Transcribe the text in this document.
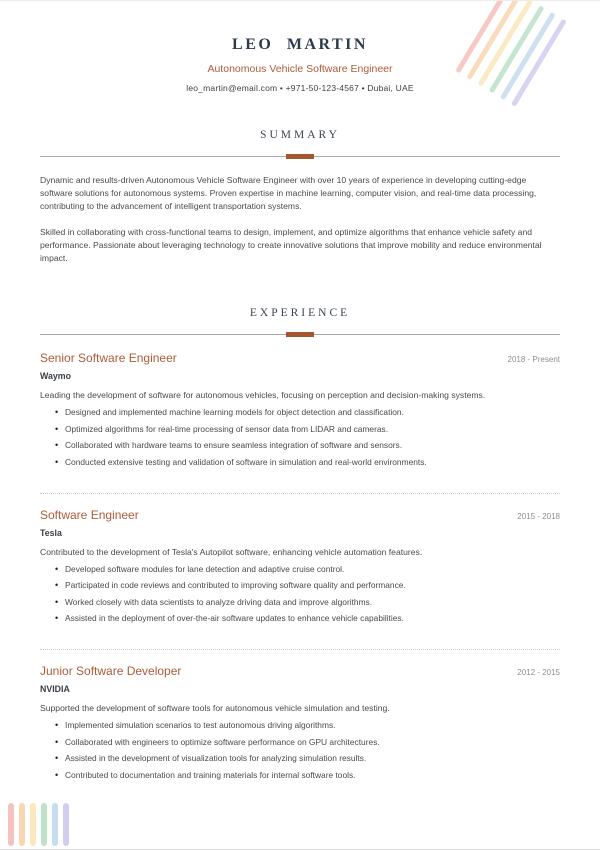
LEO MARTIN
Autonomous Vehicle Software Engineer
leo_martin@email.com • +971-50-123-4567 • Dubai, UAE
SUMMARY

Dynamic and results-driven Autonomous Vehicle Software Engineer with over 10 years of experience in developing cutting-edge software solutions for autonomous systems. Proven expertise in machine learning, computer vision, and real-time data processing, contributing to the advancement of intelligent transportation systems.

Skilled in collaborating with cross-functional teams to design, implement, and optimize algorithms that enhance vehicle safety and performance. Passionate about leveraging technology to create innovative solutions that improve mobility and reduce environmental impact.

EXPERIENCE
Senior Software Engineer	2018 - Present
Waymo
Leading the development of software for autonomous vehicles, focusing on perception and decision-making systems.
• Designed and implemented machine learning models for object detection and classification.
• Optimized algorithms for real-time processing of sensor data from LIDAR and cameras.
• Collaborated with hardware teams to ensure seamless integration of software and sensors.
• Conducted extensive testing and validation of software in simulation and real-world environments.
Software Engineer	2015 - 2018
Tesla
Contributed to the development of Tesla's Autopilot software, enhancing vehicle automation features.
• Developed software modules for lane detection and adaptive cruise control.
• Participated in code reviews and contributed to improving software quality and performance.
• Worked closely with data scientists to analyze driving data and improve algorithms.
• Assisted in the deployment of over-the-air software updates to enhance vehicle capabilities.
Junior Software Developer	2012 - 2015
NVIDIA
Supported the development of software tools for autonomous vehicle simulation and testing.
• Implemented simulation scenarios to test autonomous driving algorithms.
• Collaborated with engineers to optimize software performance on GPU architectures.
• Assisted in the development of visualization tools for analyzing simulation results.
• Contributed to documentation and training materials for internal software tools.
